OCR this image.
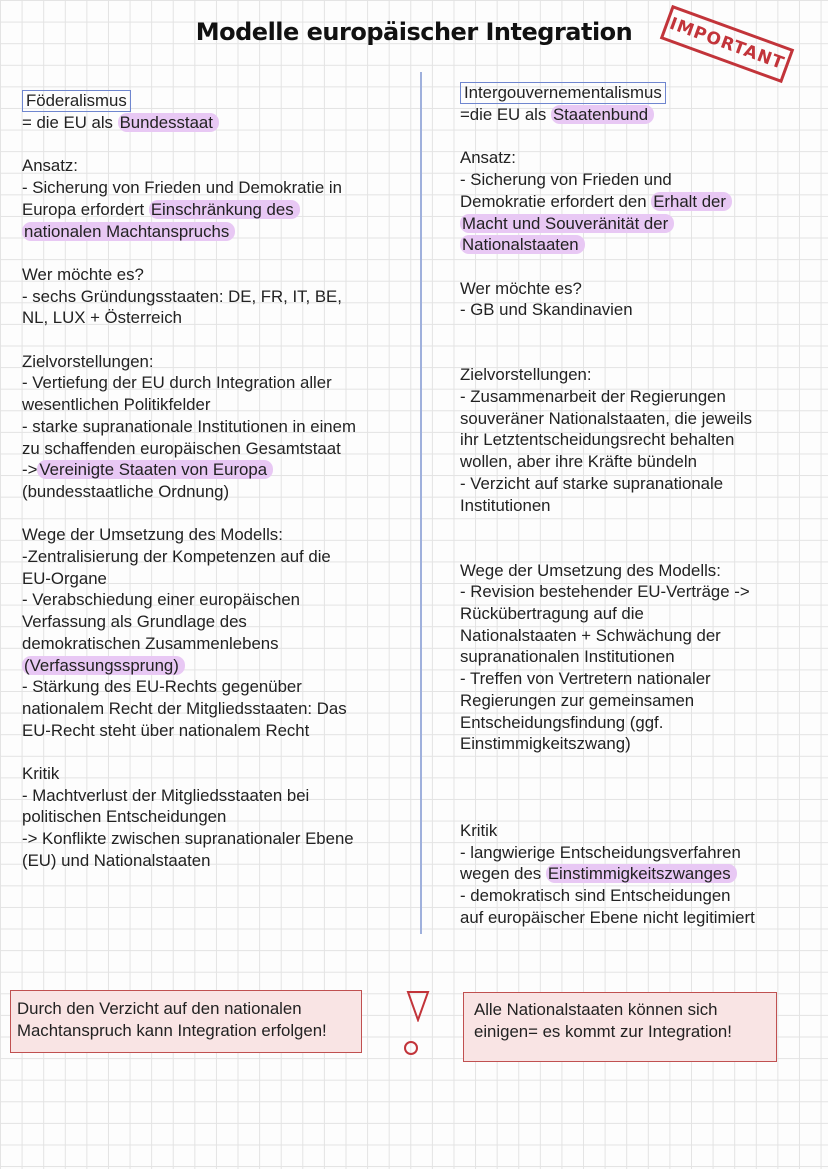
Modelle europäischer Integration	IMPORTANT

Föderalismus

= die EU als Bundesstaat

Ansatz:

- Sicherung von Frieden und Demokratie in

Europa erfordert Einschränkung des

nationalen Machtanspruchs

Wer möchte es?

- sechs Gründungsstaaten: DE, FR, IT, BE,

NL, LUX + Österreich

Zielvorstellungen:

- Vertiefung der EU durch Integration aller

wesentlichen Politikfelder

- starke supranationale Institutionen in einem

zu schaffenden europäischen Gesamtstaat

-> Vereinigte Staaten von Europa

(bundesstaatliche Ordnung)

Wege der Umsetzung des Modells:

-Zentralisierung der Kompetenzen auf die

EU-Organe

- Verabschiedung einer europäischen

Verfassung als Grundlage des

demokratischen Zusammenlebens

(Verfassungssprung)

- Stärkung des EU-Rechts gegenüber

nationalem Recht der Mitgliedsstaaten: Das

EU-Recht steht über nationalem Recht

Kritik

- Machtverlust der Mitgliedsstaaten bei

politischen Entscheidungen

-> Konflikte zwischen supranationaler Ebene

(EU) und Nationalstaaten

Intergouvernementalismus

=die EU als Staatenbund

Ansatz:

- Sicherung von Frieden und

Demokratie erfordert den Erhalt der

Macht und Souveränität der

Nationalstaaten

Wer möchte es?

- GB und Skandinavien

Zielvorstellungen:

- Zusammenarbeit der Regierungen

souveräner Nationalstaaten, die jeweils

ihr Letztentscheidungsrecht behalten

wollen, aber ihre Kräfte bündeln

- Verzicht auf starke supranationale

Institutionen

Wege der Umsetzung des Modells:

- Revision bestehender EU-Verträge ->

Rückübertragung auf die

Nationalstaaten + Schwächung der

supranationalen Institutionen

- Treffen von Vertretern nationaler

Regierungen zur gemeinsamen

Entscheidungsfindung (ggf.

Einstimmigkeitszwang)

Kritik

- langwierige Entscheidungsverfahren

wegen des Einstimmigkeitszwanges

- demokratisch sind Entscheidungen

auf europäischer Ebene nicht legitimiert

Durch den Verzicht auf den nationalen

Machtanspruch kann Integration erfolgen!

Alle Nationalstaaten können sich

einigen= es kommt zur Integration!
